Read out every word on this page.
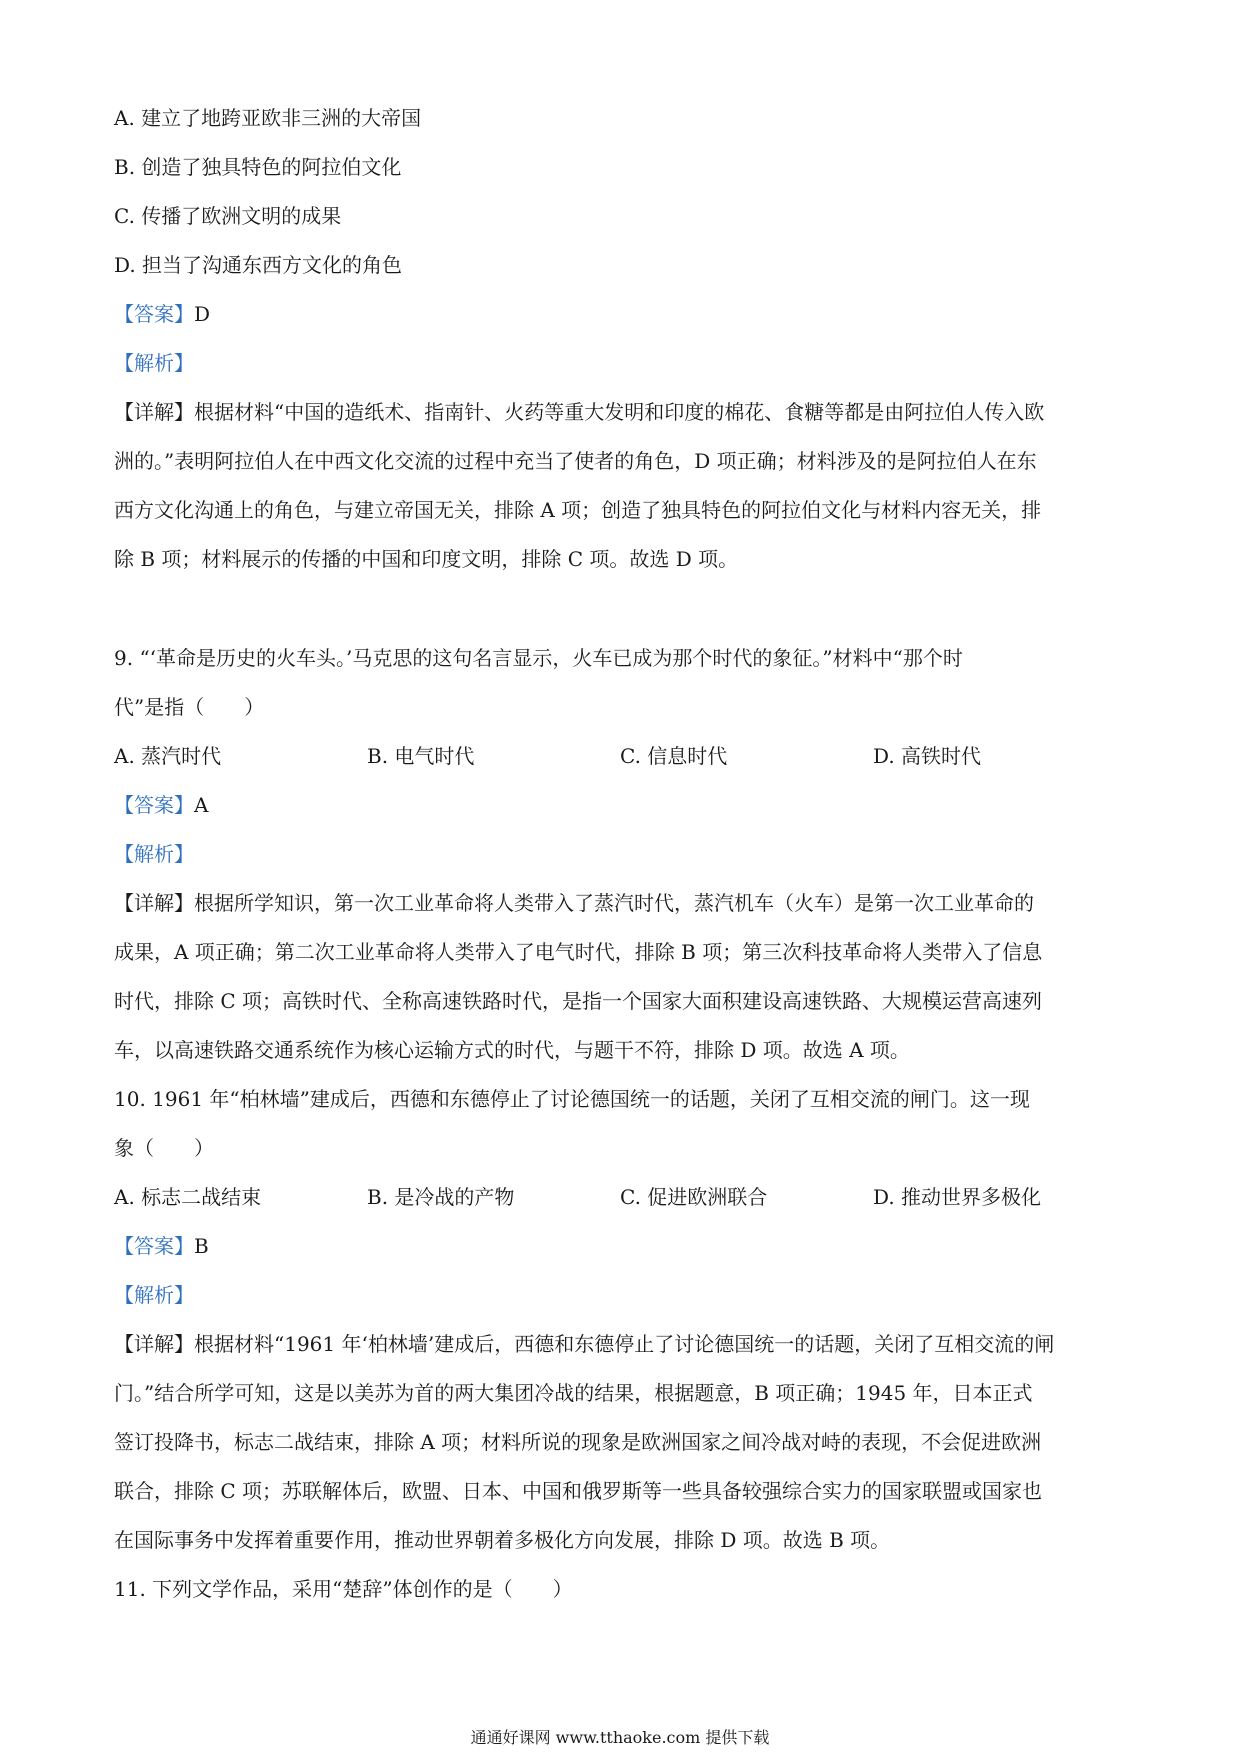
A. 建立了地跨亚欧非三洲的大帝国
B. 创造了独具特色的阿拉伯文化
C. 传播了欧洲文明的成果
D. 担当了沟通东西方文化的角色
【答案】D
【解析】
【详解】根据材料“中国的造纸术、指南针、火药等重大发明和印度的棉花、食糖等都是由阿拉伯人传入欧
洲的。”表明阿拉伯人在中西文化交流的过程中充当了使者的角色，D 项正确；材料涉及的是阿拉伯人在东
西方文化沟通上的角色，与建立帝国无关，排除 A 项；创造了独具特色的阿拉伯文化与材料内容无关，排
除 B 项；材料展示的传播的中国和印度文明，排除 C 项。故选 D 项。
9. “‘革命是历史的火车头。’马克思的这句名言显示，火车已成为那个时代的象征。”材料中“那个时
代”是指（　　）
A. 蒸汽时代	B. 电气时代	C. 信息时代	D. 高铁时代
【答案】A
【解析】
【详解】根据所学知识，第一次工业革命将人类带入了蒸汽时代，蒸汽机车（火车）是第一次工业革命的
成果，A 项正确；第二次工业革命将人类带入了电气时代，排除 B 项；第三次科技革命将人类带入了信息
时代，排除 C 项；高铁时代、全称高速铁路时代，是指一个国家大面积建设高速铁路、大规模运营高速列
车，以高速铁路交通系统作为核心运输方式的时代，与题干不符，排除 D 项。故选 A 项。
10. 1961 年“柏林墙”建成后，西德和东德停止了讨论德国统一的话题，关闭了互相交流的闸门。这一现
象（　　）
A. 标志二战结束	B. 是冷战的产物	C. 促进欧洲联合	D. 推动世界多极化
【答案】B
【解析】
【详解】根据材料“1961 年‘柏林墙’建成后，西德和东德停止了讨论德国统一的话题，关闭了互相交流的闸
门。”结合所学可知，这是以美苏为首的两大集团冷战的结果，根据题意，B 项正确；1945 年，日本正式
签订投降书，标志二战结束，排除 A 项；材料所说的现象是欧洲国家之间冷战对峙的表现，不会促进欧洲
联合，排除 C 项；苏联解体后，欧盟、日本、中国和俄罗斯等一些具备较强综合实力的国家联盟或国家也
在国际事务中发挥着重要作用，推动世界朝着多极化方向发展，排除 D 项。故选 B 项。
11. 下列文学作品，采用“楚辞”体创作的是（　　）
通通好课网 www.tthaoke.com 提供下载
